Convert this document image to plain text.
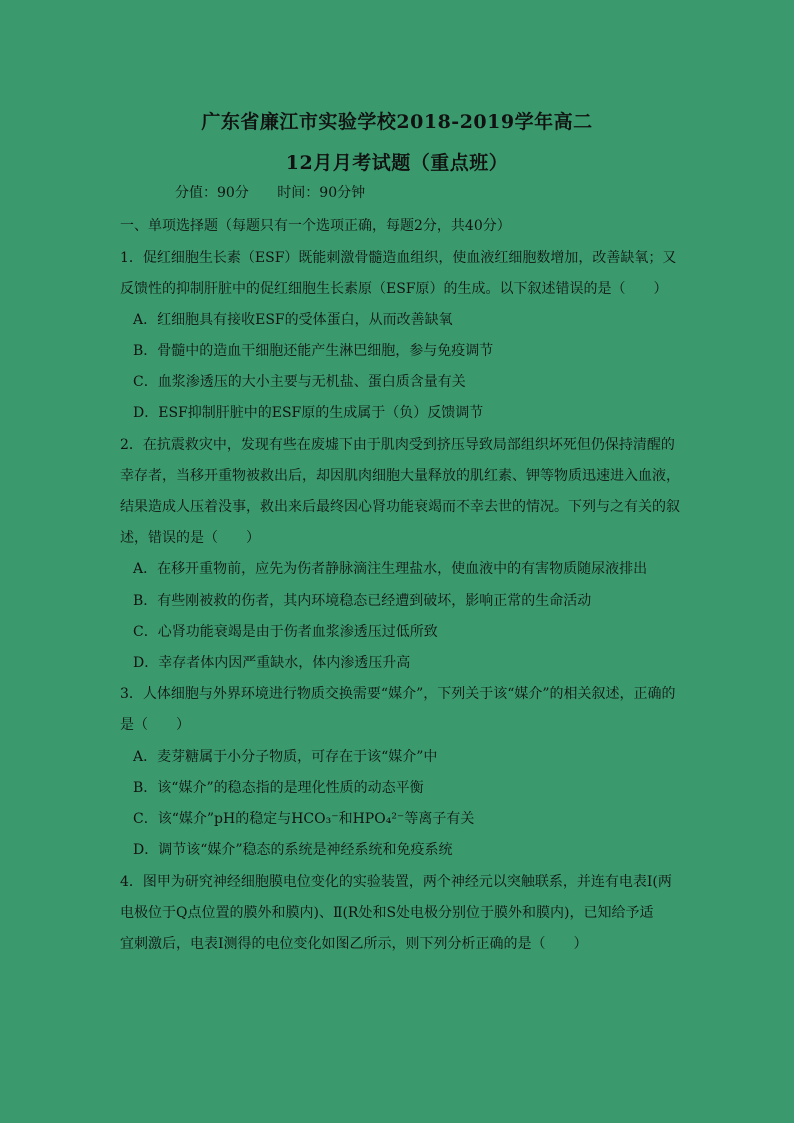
广东省廉江市实验学校2018-2019学年高二
12月月考试题（重点班）
分值：90分 时间：90分钟
一、单项选择题（每题只有一个选项正确，每题2分，共40分）
1．促红细胞生长素（ESF）既能刺激骨髓造血组织，使血液红细胞数增加，改善缺氧；又
反馈性的抑制肝脏中的促红细胞生长素原（ESF原）的生成。以下叙述错误的是（　　）
A．红细胞具有接收ESF的受体蛋白，从而改善缺氧
B．骨髓中的造血干细胞还能产生淋巴细胞，参与免疫调节
C．血浆渗透压的大小主要与无机盐、蛋白质含量有关
D．ESF抑制肝脏中的ESF原的生成属于（负）反馈调节
2．在抗震救灾中，发现有些在废墟下由于肌肉受到挤压导致局部组织坏死但仍保持清醒的
幸存者，当移开重物被救出后，却因肌肉细胞大量释放的肌红素、钾等物质迅速进入血液，
结果造成人压着没事，救出来后最终因心肾功能衰竭而不幸去世的情况。下列与之有关的叙
述，错误的是（　　）
A．在移开重物前，应先为伤者静脉滴注生理盐水，使血液中的有害物质随尿液排出
B．有些刚被救的伤者，其内环境稳态已经遭到破坏，影响正常的生命活动
C．心肾功能衰竭是由于伤者血浆渗透压过低所致
D．幸存者体内因严重缺水，体内渗透压升高
3．人体细胞与外界环境进行物质交换需要“媒介”，下列关于该“媒介”的相关叙述，正确的
是（　　）
A．麦芽糖属于小分子物质，可存在于该“媒介”中
B．该“媒介”的稳态指的是理化性质的动态平衡
C．该“媒介”pH的稳定与HCO₃⁻和HPO₄²⁻等离子有关
D．调节该“媒介”稳态的系统是神经系统和免疫系统
4．图甲为研究神经细胞膜电位变化的实验装置，两个神经元以突触联系，并连有电表Ⅰ(两
电极位于Q点位置的膜外和膜内)、Ⅱ(R处和S处电极分别位于膜外和膜内)，已知给予适
宜刺激后，电表Ⅰ测得的电位变化如图乙所示，则下列分析正确的是（　　）
